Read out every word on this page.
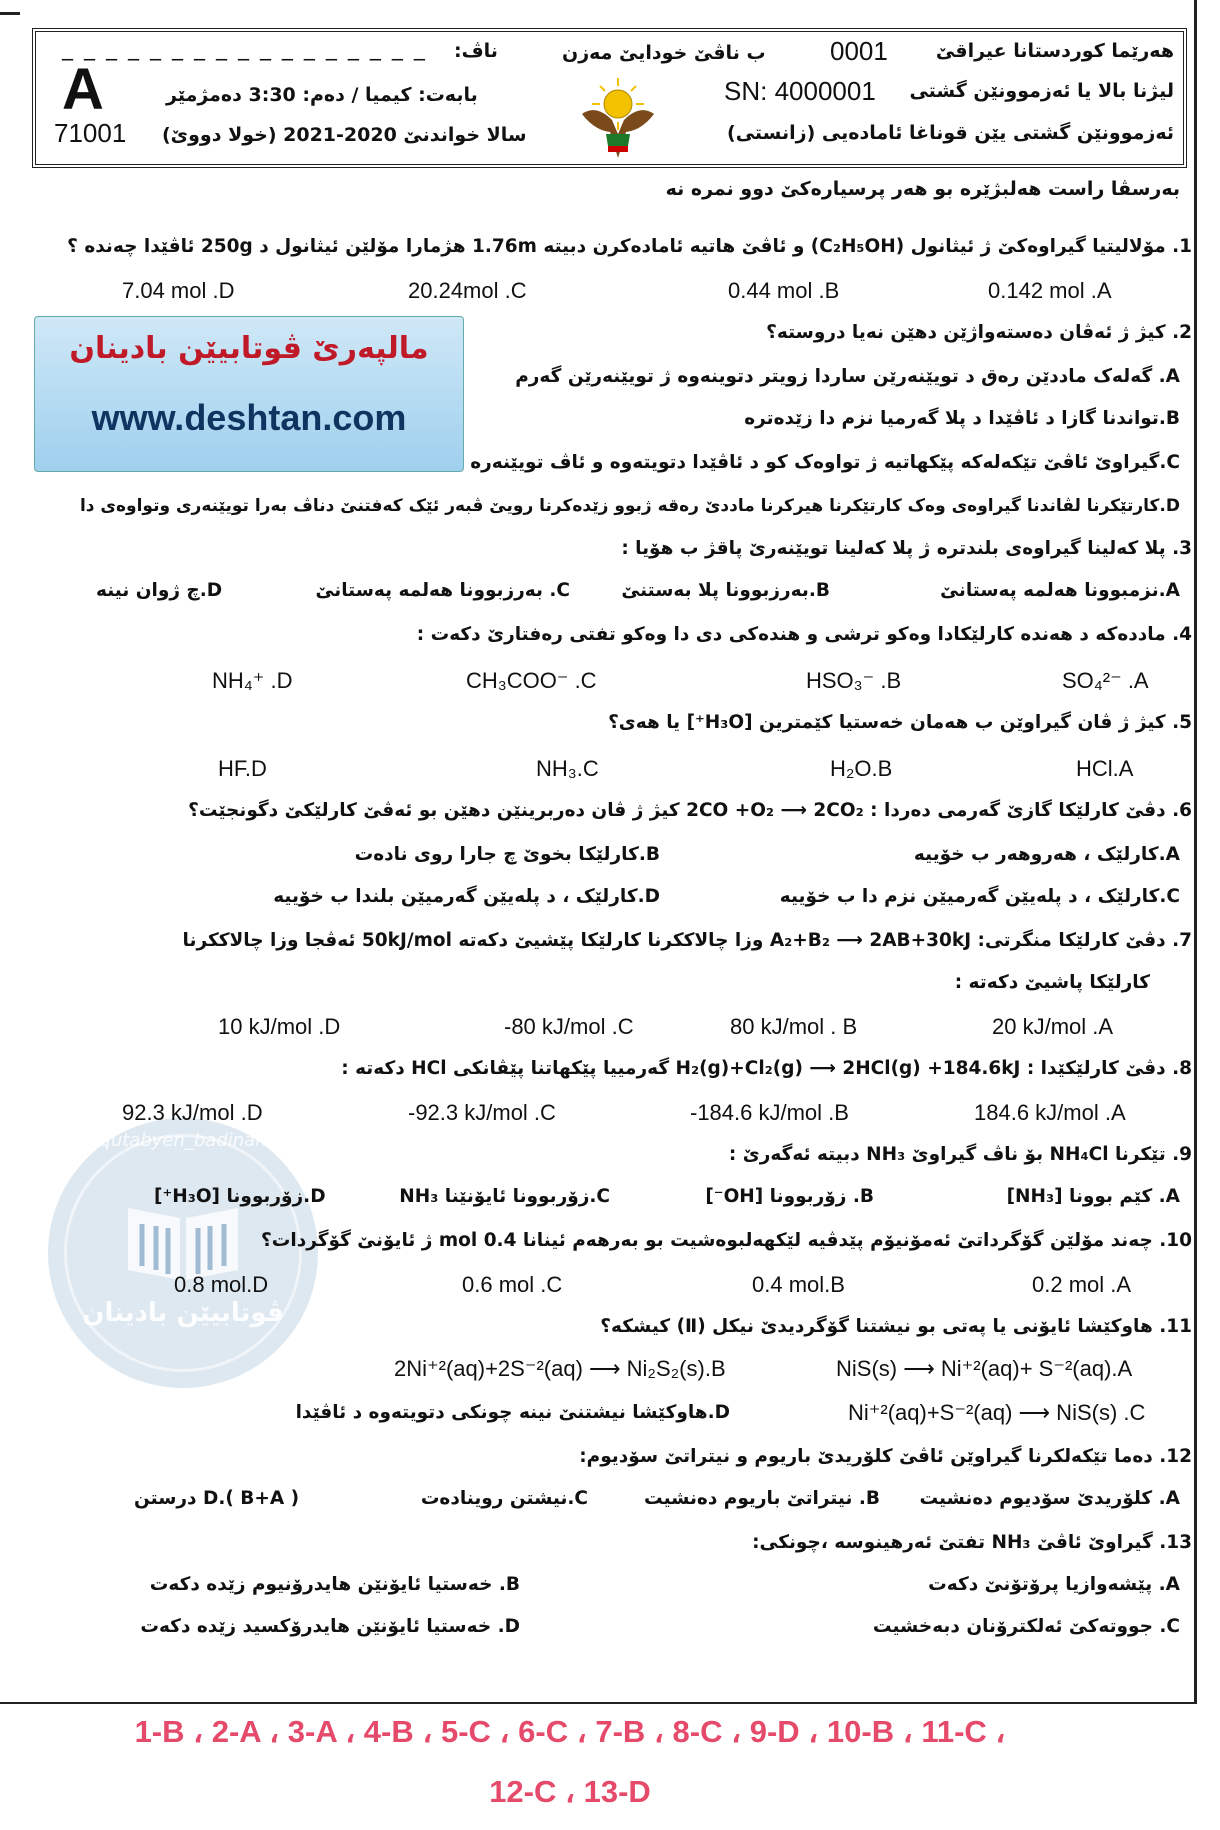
هەرێما کوردستانا عیراقێ
لیژنا بالا یا ئەزموونێن گشتی
ئەزموونێن گشتی یێن قوناغا ئامادەیی (زانستی)
ب ناڤێ خودایێ مەزن 0001
SN: 4000001
ناڤ:
_ _ _ _ _ _ _ _ _ _ _ _ _ _ _ _ _
بابەت: کیمیا / دەم: 3:30 دەمژمێر
سالا خواندنێ 2020-2021 (خولا دووێ)
A
71001
مالپەرێ ڤوتابیێن بادینان
www.deshtan.com
qutabyen_badinan
ڤوتابیێن بادینان
بەرسڤا راست هەلبژێرە بو هەر پرسیارەکێ دوو نمرە نە
1. مۆلالیتیا گیراوەکێ ژ ئیثانول (C₂H₅OH) و ئاڤێ هاتیە ئامادەکرن دبیتە 1.76m هژمارا مۆلێن ئیثانول د 250g ئاڤێدا چەندە ؟
0.142 mol .A
0.44 mol .B
20.24mol .C
7.04 mol .D
2. کیژ ژ ئەڤان دەستەواژێن دهێن نەیا دروستە؟
A. گەلەک ماددێن رەق د تویێنەرێن ساردا زویتر دتوینەوە ژ تویێنەرێن گەرم
B.تواندنا گازا د ئاڤێدا د پلا گەرمیا نزم دا زێدەترە
C.گیراوێ ئاڤێ تێکەلەکە پێکهاتیە ژ تواوەک کو د ئاڤێدا دتویتەوە و ئاڤ تویێنەرە
D.کارتێکرنا لڤاندنا گیراوەی وەک کارتێکرنا هیرکرنا ماددێ رەقە ژبوو زێدەکرنا رویێ ڤبەر ئێک کەفتنێ دناڤ بەرا تویێنەری وتواوەی دا
3. پلا کەلینا گیراوەی بلندترە ژ پلا کەلینا تویێنەرێ پاقژ ب هۆیا :
A.نزمبوونا هەلمە پەستانێ
B.بەرزبوونا پلا بەستنێ
C. بەرزبوونا هەلمە پەستانێ
D.چ ژوان نینە
4. ماددەکە د هەندە کارلێکادا وەکو ترشی و هندەکی دی دا وەکو تفتی رەفتارێ دکەت :
SO₄²⁻ .A
HSO₃⁻ .B
CH₃COO⁻ .C
NH₄⁺ .D
5. کیژ ژ ڤان گیراوێن ب هەمان خەستیا کێمترین [H₃O⁺] یا هەی؟
HCl.A
H₂O.B
NH₃.C
HF.D
6. دڤێ کارلێکا گازێ گەرمی دەردا : 2CO +O₂ ⟶ 2CO₂ کیژ ژ ڤان دەربرینێن دهێن بو ئەڤێ کارلێکێ دگونجێت؟
A.کارلێک ، هەروهەر ب خۆییە
B.کارلێکا بخوێ چ جارا روی نادەت
C.کارلێک ، د پلەیێن گەرمیێن نزم دا ب خۆییە
D.کارلێک ، د پلەیێن گەرمیێن بلندا ب خۆییە
7. دڤێ کارلێکا منگرتی: A₂+B₂ ⟶ 2AB+30kJ وزا چالاککرنا کارلێکا پێشیێ دکەتە 50kJ/mol ئەڤجا وزا چالاککرنا
کارلێکا پاشیێ دکەتە :
20 kJ/mol .A
80 kJ/mol . B
-80 kJ/mol .C
10 kJ/mol .D
8. دڤێ کارلێکێدا : H₂(g)+Cl₂(g) ⟶ 2HCl(g) +184.6kJ گەرمییا پێکهاتنا پێڤانکی HCl دکەتە :
184.6 kJ/mol .A
-184.6 kJ/mol .B
-92.3 kJ/mol .C
92.3 kJ/mol .D
9. تێکرنا NH₄Cl بۆ ناڤ گیراوێ NH₃ دبیتە ئەگەرێ :
A. کێم بوونا [NH₃]
B. زۆربوونا [OH⁻]
C.زۆربوونا ئایۆنێنا NH₃
D.زۆربوونا [H₃O⁺]
10. چەند مۆلێن گۆگرداتێ ئەمۆنیۆم پێدڤیە لێکهەلبوەشیت بو بەرهەم ئینانا 0.4 mol ژ ئایۆنێ گۆگردات؟
0.2 mol .A
0.4 mol.B
0.6 mol .C
0.8 mol.D
11. هاوکێشا ئایۆنی یا پەتی بو نیشتنا گۆگردیدێ نیکل (Ⅱ) کیشکە؟
NiS(s) ⟶ Ni⁺²(aq)+ S⁻²(aq).A
2Ni⁺²(aq)+2S⁻²(aq) ⟶ Ni₂S₂(s).B
Ni⁺²(aq)+S⁻²(aq) ⟶ NiS(s) .C
D.هاوکێشا نیشتنێ نینە چونکی دتویتەوە د ئاڤێدا
12. دەما تێکەلکرنا گیراوێن ئاڤێ کلۆریدێ باریوم و نیتراتێ سۆدیوم:
A. کلۆریدێ سۆدیوم دەنشیت
B. نیتراتێ باریوم دەنشیت
C.نیشتن روینادەت
D.( B+A ) درستن
13. گیراوێ ئاڤێ NH₃ تفتێ ئەرهینوسە ،چونکی:
A. پێشەوازیا پرۆتۆنێ دکەت
B. خەستیا ئایۆنێن هایدرۆنیوم زێدە دکەت
C. جووتەکێ ئەلکترۆنان دبەخشیت
D. خەستیا ئایۆنێن هایدرۆکسید زێدە دکەت
1-B ، 2-A ، 3-A ، 4-B ، 5-C ، 6-C ، 7-B ، 8-C ، 9-D ، 10-B ، 11-C ،
12-C ، 13-D
